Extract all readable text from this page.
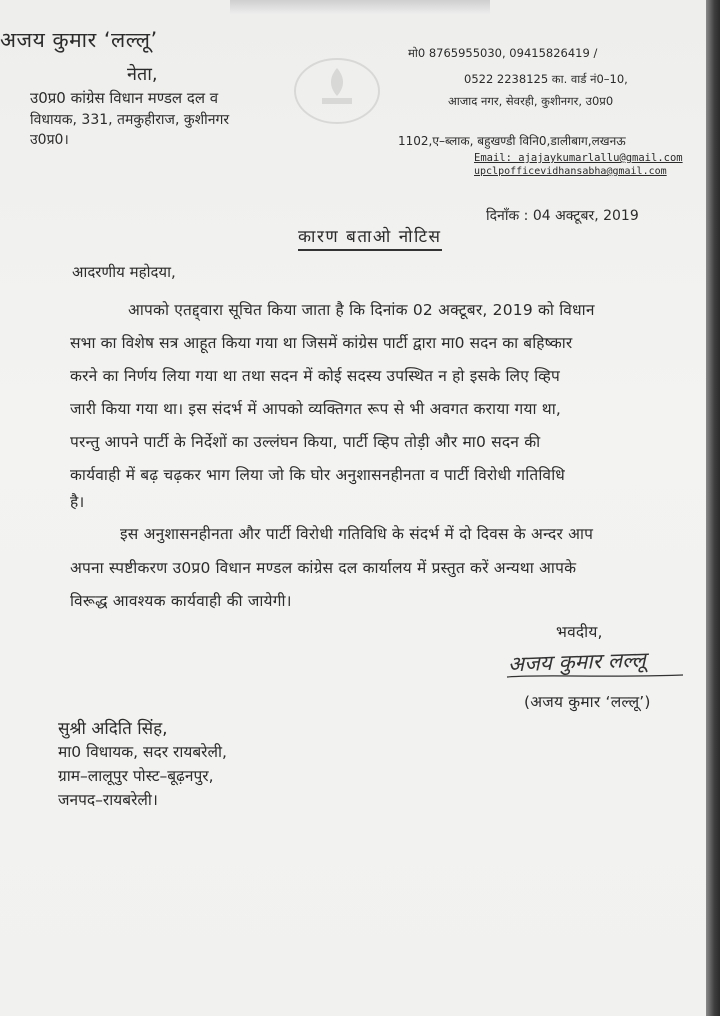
अजय कुमार ‘लल्लू’
नेता,
उ0प्र0 कांग्रेस विधान मण्डल दल व
विधायक, 331, तमकुहीराज, कुशीनगर
उ0प्र0।
मो0 8765955030, 09415826419 /
0522 2238125 का. वार्ड नं0–10,
आजाद नगर, सेवरही, कुशीनगर, उ0प्र0
1102,ए–ब्लाक, बहुखण्डी विनि0,डालीबाग,लखनऊ
Email: ajajaykumarlallu@gmail.com
upclpofficevidhansabha@gmail.com
दिनाँक : 04 अक्टूबर, 2019
कारण बताओ नोटिस
आदरणीय महोदया,
आपको एतद्द्वारा सूचित किया जाता है कि दिनांक 02 अक्टूबर, 2019 को विधान
सभा का विशेष सत्र आहूत किया गया था जिसमें कांग्रेस पार्टी द्वारा मा0 सदन का बहिष्कार
करने का निर्णय लिया गया था तथा सदन में कोई सदस्य उपस्थित न हो इसके लिए व्हिप
जारी किया गया था। इस संदर्भ में आपको व्यक्तिगत रूप से भी अवगत कराया गया था,
परन्तु आपने पार्टी के निर्देशों का उल्लंघन किया, पार्टी व्हिप तोड़ी और मा0 सदन की
कार्यवाही में बढ़ चढ़कर भाग लिया जो कि घोर अनुशासनहीनता व पार्टी विरोधी गतिविधि
है।
इस अनुशासनहीनता और पार्टी विरोधी गतिविधि के संदर्भ में दो दिवस के अन्दर आप
अपना स्पष्टीकरण उ0प्र0 विधान मण्डल कांग्रेस दल कार्यालय में प्रस्तुत करें अन्यथा आपके
विरूद्ध आवश्यक कार्यवाही की जायेगी।
भवदीय,
अजय कुमार लल्लू
(अजय कुमार ‘लल्लू’)
सुश्री अदिति सिंह,
मा0 विधायक, सदर रायबरेली,
ग्राम–लालूपुर पोस्ट–बूढ़नपुर,
जनपद–रायबरेली।
